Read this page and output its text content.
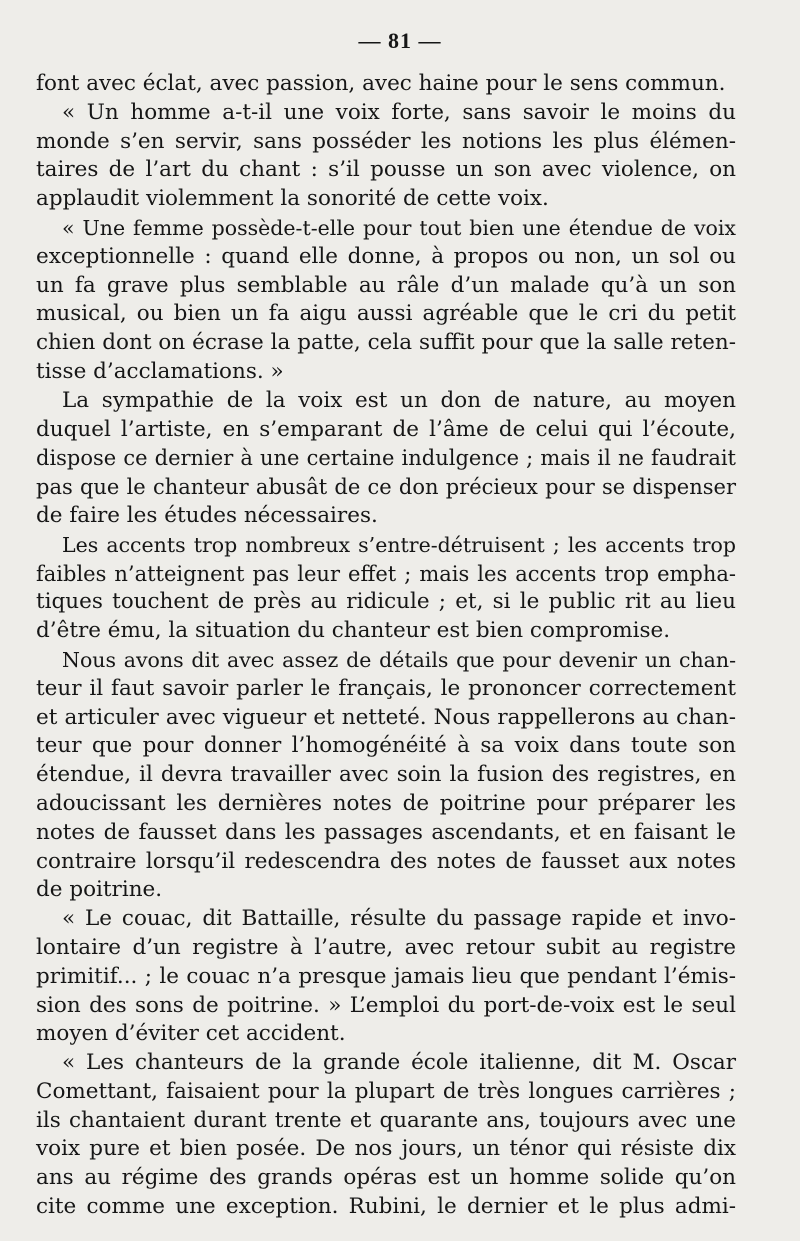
— 81 —
font avec éclat, avec passion, avec haine pour le sens commun.
« Un homme a-t-il une voix forte, sans savoir le moins du
monde s’en servir, sans posséder les notions les plus élémen-
taires de l’art du chant : s’il pousse un son avec violence, on
applaudit violemment la sonorité de cette voix.
« Une femme possède-t-elle pour tout bien une étendue de voix
exceptionnelle : quand elle donne, à propos ou non, un sol ou
un fa grave plus semblable au râle d’un malade qu’à un son
musical, ou bien un fa aigu aussi agréable que le cri du petit
chien dont on écrase la patte, cela suffit pour que la salle reten-
tisse d’acclamations. »
La sympathie de la voix est un don de nature, au moyen
duquel l’artiste, en s’emparant de l’âme de celui qui l’écoute,
dispose ce dernier à une certaine indulgence ; mais il ne faudrait
pas que le chanteur abusât de ce don précieux pour se dispenser
de faire les études nécessaires.
Les accents trop nombreux s’entre-détruisent ; les accents trop
faibles n’atteignent pas leur effet ; mais les accents trop empha-
tiques touchent de près au ridicule ; et, si le public rit au lieu
d’être ému, la situation du chanteur est bien compromise.
Nous avons dit avec assez de détails que pour devenir un chan-
teur il faut savoir parler le français, le prononcer correctement
et articuler avec vigueur et netteté. Nous rappellerons au chan-
teur que pour donner l’homogénéité à sa voix dans toute son
étendue, il devra travailler avec soin la fusion des registres, en
adoucissant les dernières notes de poitrine pour préparer les
notes de fausset dans les passages ascendants, et en faisant le
contraire lorsqu’il redescendra des notes de fausset aux notes
de poitrine.
« Le couac, dit Battaille, résulte du passage rapide et invo-
lontaire d’un registre à l’autre, avec retour subit au registre
primitif... ; le couac n’a presque jamais lieu que pendant l’émis-
sion des sons de poitrine. » L’emploi du port-de-voix est le seul
moyen d’éviter cet accident.
« Les chanteurs de la grande école italienne, dit M. Oscar
Comettant, faisaient pour la plupart de très longues carrières ;
ils chantaient durant trente et quarante ans, toujours avec une
voix pure et bien posée. De nos jours, un ténor qui résiste dix
ans au régime des grands opéras est un homme solide qu’on
cite comme une exception. Rubini, le dernier et le plus admi-
